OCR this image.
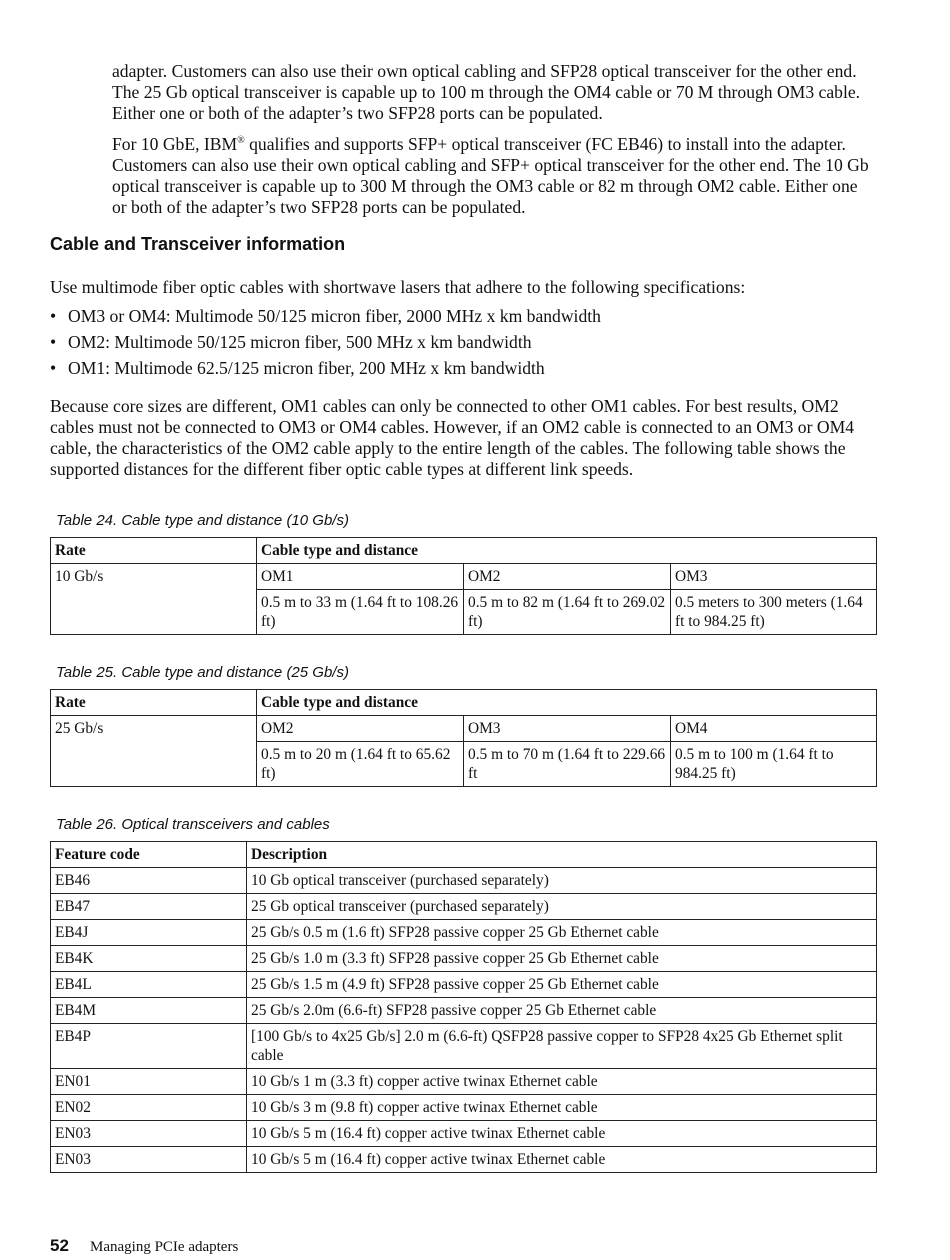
adapter. Customers can also use their own optical cabling and SFP28 optical transceiver for the other end. The 25 Gb optical transceiver is capable up to 100 m through the OM4 cable or 70 M through OM3 cable. Either one or both of the adapter’s two SFP28 ports can be populated.

For 10 GbE, IBM® qualifies and supports SFP+ optical transceiver (FC EB46) to install into the adapter. Customers can also use their own optical cabling and SFP+ optical transceiver for the other end. The 10 Gb optical transceiver is capable up to 300 M through the OM3 cable or 82 m through OM2 cable. Either one or both of the adapter’s two SFP28 ports can be populated.

Cable and Transceiver information

Use multimode fiber optic cables with shortwave lasers that adhere to the following specifications:

• OM3 or OM4: Multimode 50/125 micron fiber, 2000 MHz x km bandwidth
• OM2: Multimode 50/125 micron fiber, 500 MHz x km bandwidth
• OM1: Multimode 62.5/125 micron fiber, 200 MHz x km bandwidth

Because core sizes are different, OM1 cables can only be connected to other OM1 cables. For best results, OM2 cables must not be connected to OM3 or OM4 cables. However, if an OM2 cable is connected to an OM3 or OM4 cable, the characteristics of the OM2 cable apply to the entire length of the cables. The following table shows the supported distances for the different fiber optic cable types at different link speeds.

Table 24. Cable type and distance (10 Gb/s)

Rate	Cable type and distance		
10 Gb/s	OM1	OM2	OM3
	0.5 m to 33 m (1.64 ft to 108.26 ft)	0.5 m to 82 m (1.64 ft to 269.02 ft)	0.5 meters to 300 meters (1.64 ft to 984.25 ft)

Table 25. Cable type and distance (25 Gb/s)

Rate	Cable type and distance		
25 Gb/s	OM2	OM3	OM4
	0.5 m to 20 m (1.64 ft to 65.62 ft)	0.5 m to 70 m (1.64 ft to 229.66 ft	0.5 m to 100 m (1.64 ft to 984.25 ft)

Table 26. Optical transceivers and cables

Feature code	Description
EB46	10 Gb optical transceiver (purchased separately)
EB47	25 Gb optical transceiver (purchased separately)
EB4J	25 Gb/s 0.5 m (1.6 ft) SFP28 passive copper 25 Gb Ethernet cable
EB4K	25 Gb/s 1.0 m (3.3 ft) SFP28 passive copper 25 Gb Ethernet cable
EB4L	25 Gb/s 1.5 m (4.9 ft) SFP28 passive copper 25 Gb Ethernet cable
EB4M	25 Gb/s 2.0m (6.6-ft) SFP28 passive copper 25 Gb Ethernet cable
EB4P	[100 Gb/s to 4x25 Gb/s] 2.0 m (6.6-ft) QSFP28 passive copper to SFP28 4x25 Gb Ethernet split cable
EN01	10 Gb/s 1 m (3.3 ft) copper active twinax Ethernet cable
EN02	10 Gb/s 3 m (9.8 ft) copper active twinax Ethernet cable
EN03	10 Gb/s 5 m (16.4 ft) copper active twinax Ethernet cable
EN03	10 Gb/s 5 m (16.4 ft) copper active twinax Ethernet cable

52 Managing PCIe adapters
